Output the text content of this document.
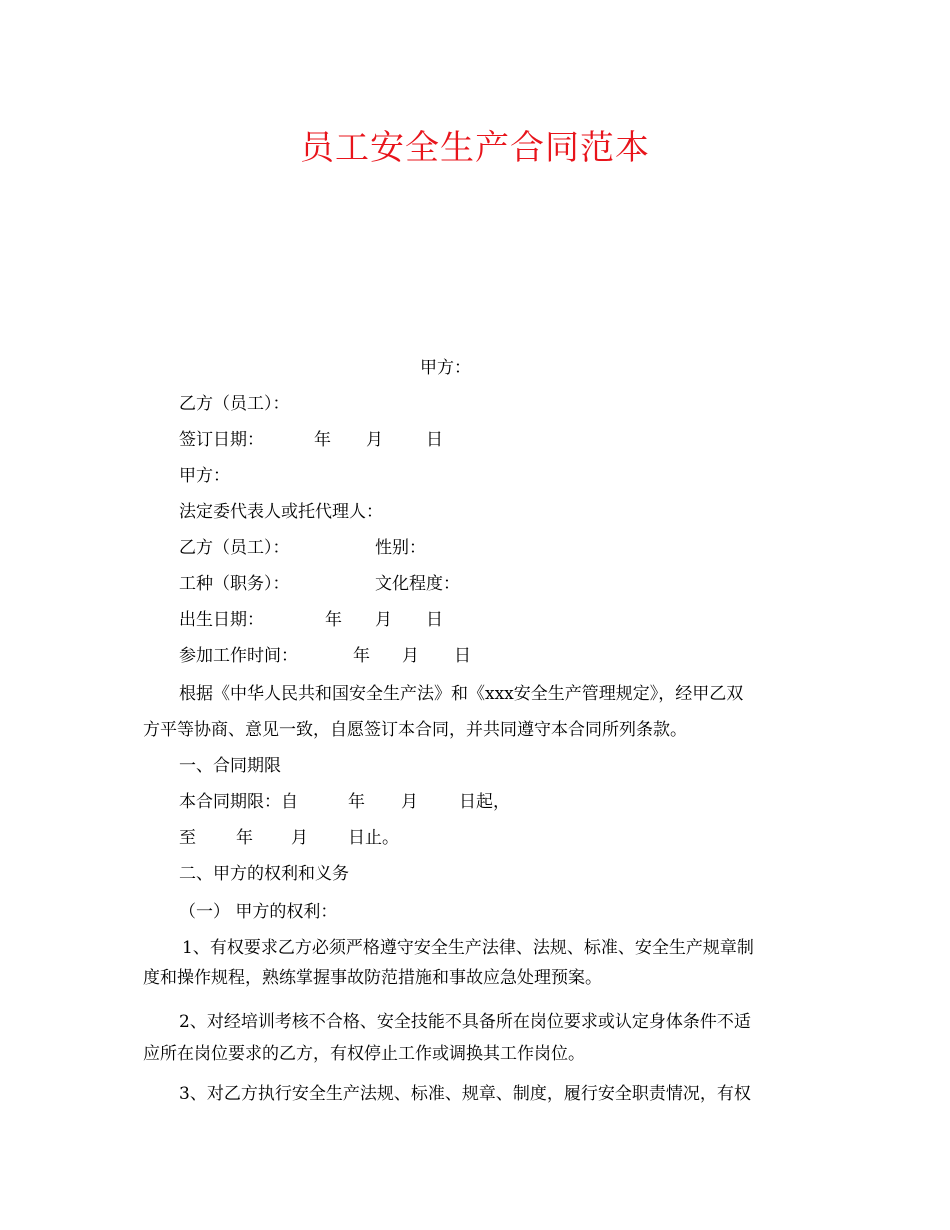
员工安全生产合同范本
甲方：
乙方（员工）：
签订日期：	年 月	日
甲方：
法定委代表人或托代理人：
乙方（员工）：	性别：
工种（职务）：	文化程度：
出生日期：	年 月 日
参加工作时间：	年 月 日
根据《中华人民共和国安全生产法》和《xxx安全生产管理规定》，经甲乙双
方平等协商、意见一致，自愿签订本合同，并共同遵守本合同所列条款。
一、合同期限
本合同期限：自	年 月 日起，
至 年 月 日止。
二、甲方的权利和义务
（一） 甲方的权利：
1、有权要求乙方必须严格遵守安全生产法律、法规、标准、安全生产规章制
度和操作规程，熟练掌握事故防范措施和事故应急处理预案。
2、对经培训考核不合格、安全技能不具备所在岗位要求或认定身体条件不适
应所在岗位要求的乙方，有权停止工作或调换其工作岗位。
3、对乙方执行安全生产法规、标准、规章、制度，履行安全职责情况，有权
